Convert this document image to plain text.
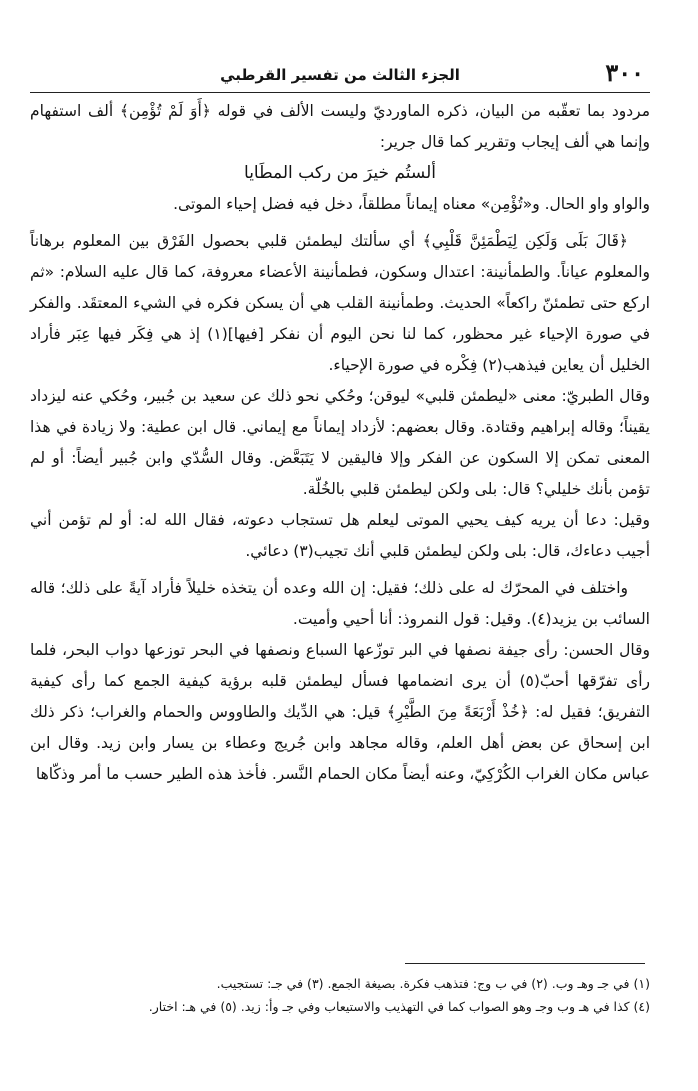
٣٠٠
الجزء الثالث من تفسير القرطبي

مردود بما تعقّبه من البيان، ذكره الماورديّ وليست الألف في قوله ﴿أَوَ لَمْ تُؤْمِن﴾ ألف استفهام وإنما هي ألف إيجاب وتقرير كما قال جرير:

ألستُم خيرَ من ركب المطَايا

والواو واو الحال. و«تُؤْمِن» معناه إيماناً مطلقاً، دخل فيه فضل إحياء الموتى.

﴿قَالَ بَلَى وَلَكِن لِيَطْمَئِنَّ قَلْبِي﴾ أي سألتك ليطمئن قلبي بحصول الفَرْق بين المعلوم برهاناً والمعلوم عياناً. والطمأنينة: اعتدال وسكون، فطمأنينة الأعضاء معروفة، كما قال عليه السلام: «ثم اركع حتى تطمئنّ راكعاً» الحديث. وطمأنينة القلب هي أن يسكن فكره في الشيء المعتقَد. والفكر في صورة الإحياء غير محظور، كما لنا نحن اليوم أن نفكر [فيها](١) إذ هي فِكَر فيها عِبَر فأراد الخليل أن يعاين فيذهب(٢) فِكْره في صورة الإحياء.

وقال الطبريّ: معنى «ليطمئن قلبي» ليوقن؛ وحُكي نحو ذلك عن سعيد بن جُبير، وحُكي عنه ليزداد يقيناً؛ وقاله إبراهيم وقتادة. وقال بعضهم: لأزداد إيماناً مع إيماني. قال ابن عطية: ولا زيادة في هذا المعنى تمكن إلا السكون عن الفكر وإلا فاليقين لا يَتَبَعَّض. وقال السُّدّي وابن جُبير أيضاً: أو لم تؤمن بأنك خليلي؟ قال: بلى ولكن ليطمئن قلبي بالخُلّة.

وقيل: دعا أن يريه كيف يحيي الموتى ليعلم هل تستجاب دعوته، فقال الله له: أو لم تؤمن أني أجيب دعاءك، قال: بلى ولكن ليطمئن قلبي أنك تجيب(٣) دعائي.

واختلف في المحرّك له على ذلك؛ فقيل: إن الله وعده أن يتخذه خليلاً فأراد آيةً على ذلك؛ قاله السائب بن يزيد(٤). وقيل: قول النمروذ: أنا أحيي وأميت.

وقال الحسن: رأى جيفة نصفها في البر توزّعها السباع ونصفها في البحر توزعها دواب البحر، فلما رأى تفرّقها أحبّ(٥) أن يرى انضمامها فسأل ليطمئن قلبه برؤية كيفية الجمع كما رأى كيفية التفريق؛ فقيل له: ﴿خُذْ أَرْبَعَةً مِنَ الطَّيْرِ﴾ قيل: هي الدِّيك والطاووس والحمام والغراب؛ ذكر ذلك ابن إسحاق عن بعض أهل العلم، وقاله مجاهد وابن جُريج وعطاء بن يسار وابن زيد. وقال ابن عباس مكان الغراب الكُرْكِيّ، وعنه أيضاً مكان الحمام النَّسر. فأخذ هذه الطير حسب ما أمر وذكّاها

(١) في جـ وهـ وب. (٢) في ب وج: فتذهب فكرة. بصيغة الجمع. (٣) في جـ: تستجيب.

(٤) كذا في هـ وب وجـ وهو الصواب كما في التهذيب والاستيعاب وفي جـ وأ: زيد. (٥) في هـ: اختار.
